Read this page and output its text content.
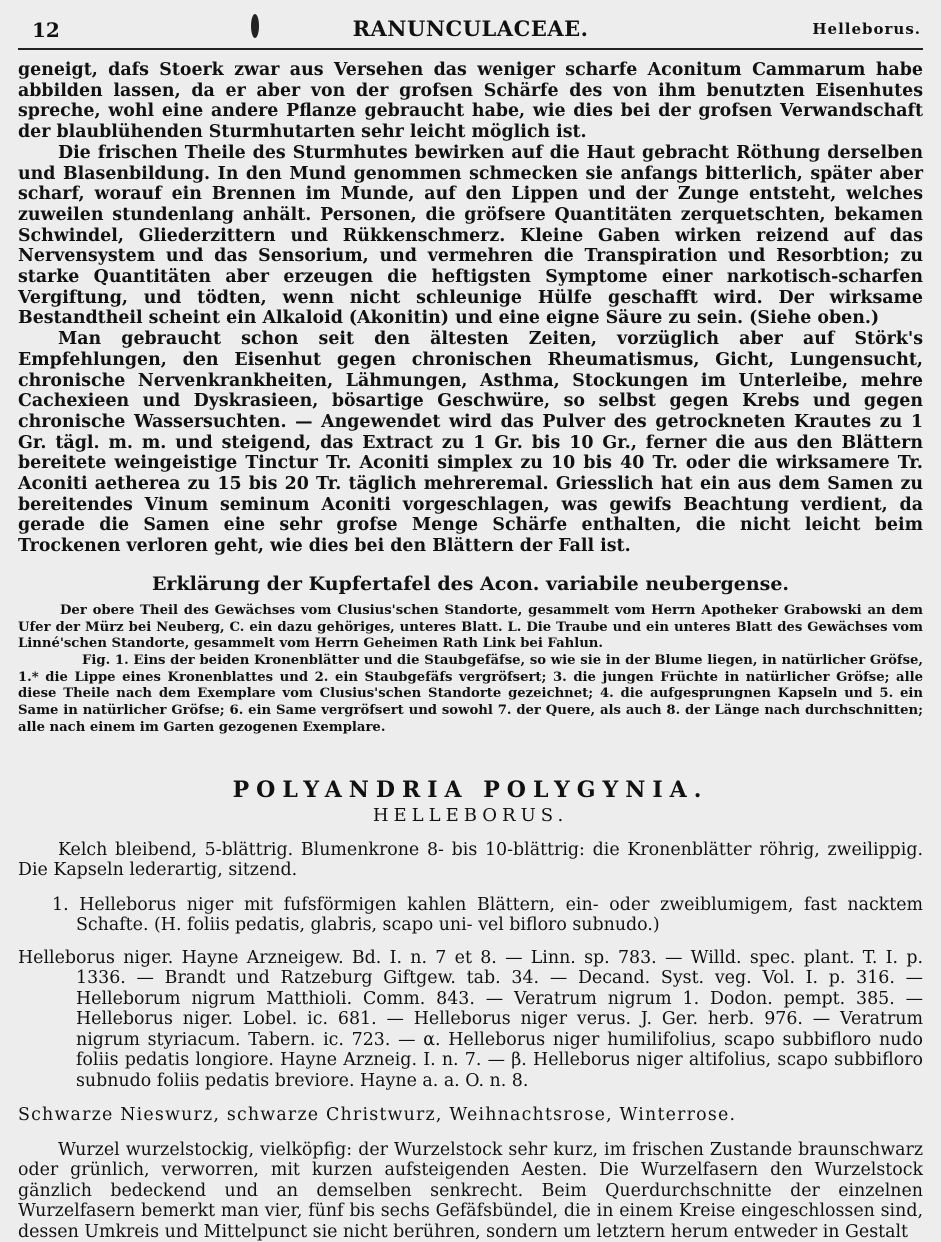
12	RANUNCULACEAE.	Helleborus.

geneigt, dafs Stoerk zwar aus Versehen das weniger scharfe Aconitum Cammarum habe abbilden lassen, da er aber von der grofsen Schärfe des von ihm benutzten Eisenhutes spreche, wohl eine andere Pflanze gebraucht habe, wie dies bei der grofsen Verwandschaft der blaublühenden Sturmhutarten sehr leicht möglich ist.

Die frischen Theile des Sturmhutes bewirken auf die Haut gebracht Röthung derselben und Blasenbildung. In den Mund genommen schmecken sie anfangs bitterlich, später aber scharf, worauf ein Brennen im Munde, auf den Lippen und der Zunge entsteht, welches zuweilen stundenlang anhält. Personen, die gröfsere Quantitäten zerquetschten, bekamen Schwindel, Gliederzittern und Rükkenschmerz. Kleine Gaben wirken reizend auf das Nervensystem und das Sensorium, und vermehren die Transpiration und Resorbtion; zu starke Quantitäten aber erzeugen die heftigsten Symptome einer narkotisch-scharfen Vergiftung, und tödten, wenn nicht schleunige Hülfe geschafft wird. Der wirksame Bestandtheil scheint ein Alkaloid (Akonitin) und eine eigne Säure zu sein. (Siehe oben.)

Man gebraucht schon seit den ältesten Zeiten, vorzüglich aber auf Störk's Empfehlungen, den Eisenhut gegen chronischen Rheumatismus, Gicht, Lungensucht, chronische Nervenkrankheiten, Lähmungen, Asthma, Stockungen im Unterleibe, mehre Cachexieen und Dyskrasieen, bösartige Geschwüre, so selbst gegen Krebs und gegen chronische Wassersuchten. — Angewendet wird das Pulver des getrockneten Krautes zu 1 Gr. tägl. m. m. und steigend, das Extract zu 1 Gr. bis 10 Gr., ferner die aus den Blättern bereitete weingeistige Tinctur Tr. Aconiti simplex zu 10 bis 40 Tr. oder die wirksamere Tr. Aconiti aetherea zu 15 bis 20 Tr. täglich mehreremal. Griesslich hat ein aus dem Samen zu bereitendes Vinum seminum Aconiti vorgeschlagen, was gewifs Beachtung verdient, da gerade die Samen eine sehr grofse Menge Schärfe enthalten, die nicht leicht beim Trockenen verloren geht, wie dies bei den Blättern der Fall ist.

Erklärung der Kupfertafel des Acon. variabile neubergense.

Der obere Theil des Gewächses vom Clusius'schen Standorte, gesammelt vom Herrn Apotheker Grabowski an dem Ufer der Mürz bei Neuberg, C. ein dazu gehöriges, unteres Blatt. L. Die Traube und ein unteres Blatt des Gewächses vom Linné'schen Standorte, gesammelt vom Herrn Geheimen Rath Link bei Fahlun.

Fig. 1. Eins der beiden Kronenblätter und die Staubgefäfse, so wie sie in der Blume liegen, in natürlicher Gröfse, 1.* die Lippe eines Kronenblattes und 2. ein Staubgefäfs vergröfsert; 3. die jungen Früchte in natürlicher Gröfse; alle diese Theile nach dem Exemplare vom Clusius'schen Standorte gezeichnet; 4. die aufgesprungnen Kapseln und 5. ein Same in natürlicher Gröfse; 6. ein Same vergröfsert und sowohl 7. der Quere, als auch 8. der Länge nach durchschnitten; alle nach einem im Garten gezogenen Exemplare.

POLYANDRIA POLYGYNIA.
HELLEBORUS.

Kelch bleibend, 5-blättrig. Blumenkrone 8- bis 10-blättrig: die Kronenblätter röhrig, zweilippig. Die Kapseln lederartig, sitzend.

1. Helleborus niger mit fufsförmigen kahlen Blättern, ein- oder zweiblumigem, fast nacktem Schafte. (H. foliis pedatis, glabris, scapo uni- vel bifloro subnudo.)

Helleborus niger. Hayne Arzneigew. Bd. I. n. 7 et 8. — Linn. sp. 783. — Willd. spec. plant. T. I. p. 1336. — Brandt und Ratzeburg Giftgew. tab. 34. — Decand. Syst. veg. Vol. I. p. 316. — Helleborum nigrum Matthioli. Comm. 843. — Veratrum nigrum 1. Dodon. pempt. 385. — Helleborus niger. Lobel. ic. 681. — Helleborus niger verus. J. Ger. herb. 976. — Veratrum nigrum styriacum. Tabern. ic. 723. — α. Helleborus niger humilifolius, scapo subbifloro nudo foliis pedatis longiore. Hayne Arzneig. I. n. 7. — β. Helleborus niger altifolius, scapo subbifloro subnudo foliis pedatis breviore. Hayne a. a. O. n. 8.

Schwarze Nieswurz, schwarze Christwurz, Weihnachtsrose, Winterrose.

Wurzel wurzelstockig, vielköpfig: der Wurzelstock sehr kurz, im frischen Zustande braunschwarz oder grünlich, verworren, mit kurzen aufsteigenden Aesten. Die Wurzelfasern den Wurzelstock gänzlich bedeckend und an demselben senkrecht. Beim Querdurchschnitte der einzelnen Wurzelfasern bemerkt man vier, fünf bis sechs Gefäfsbündel, die in einem Kreise eingeschlossen sind, dessen Umkreis und Mittelpunct sie nicht berühren, sondern um letztern herum entweder in Gestalt
